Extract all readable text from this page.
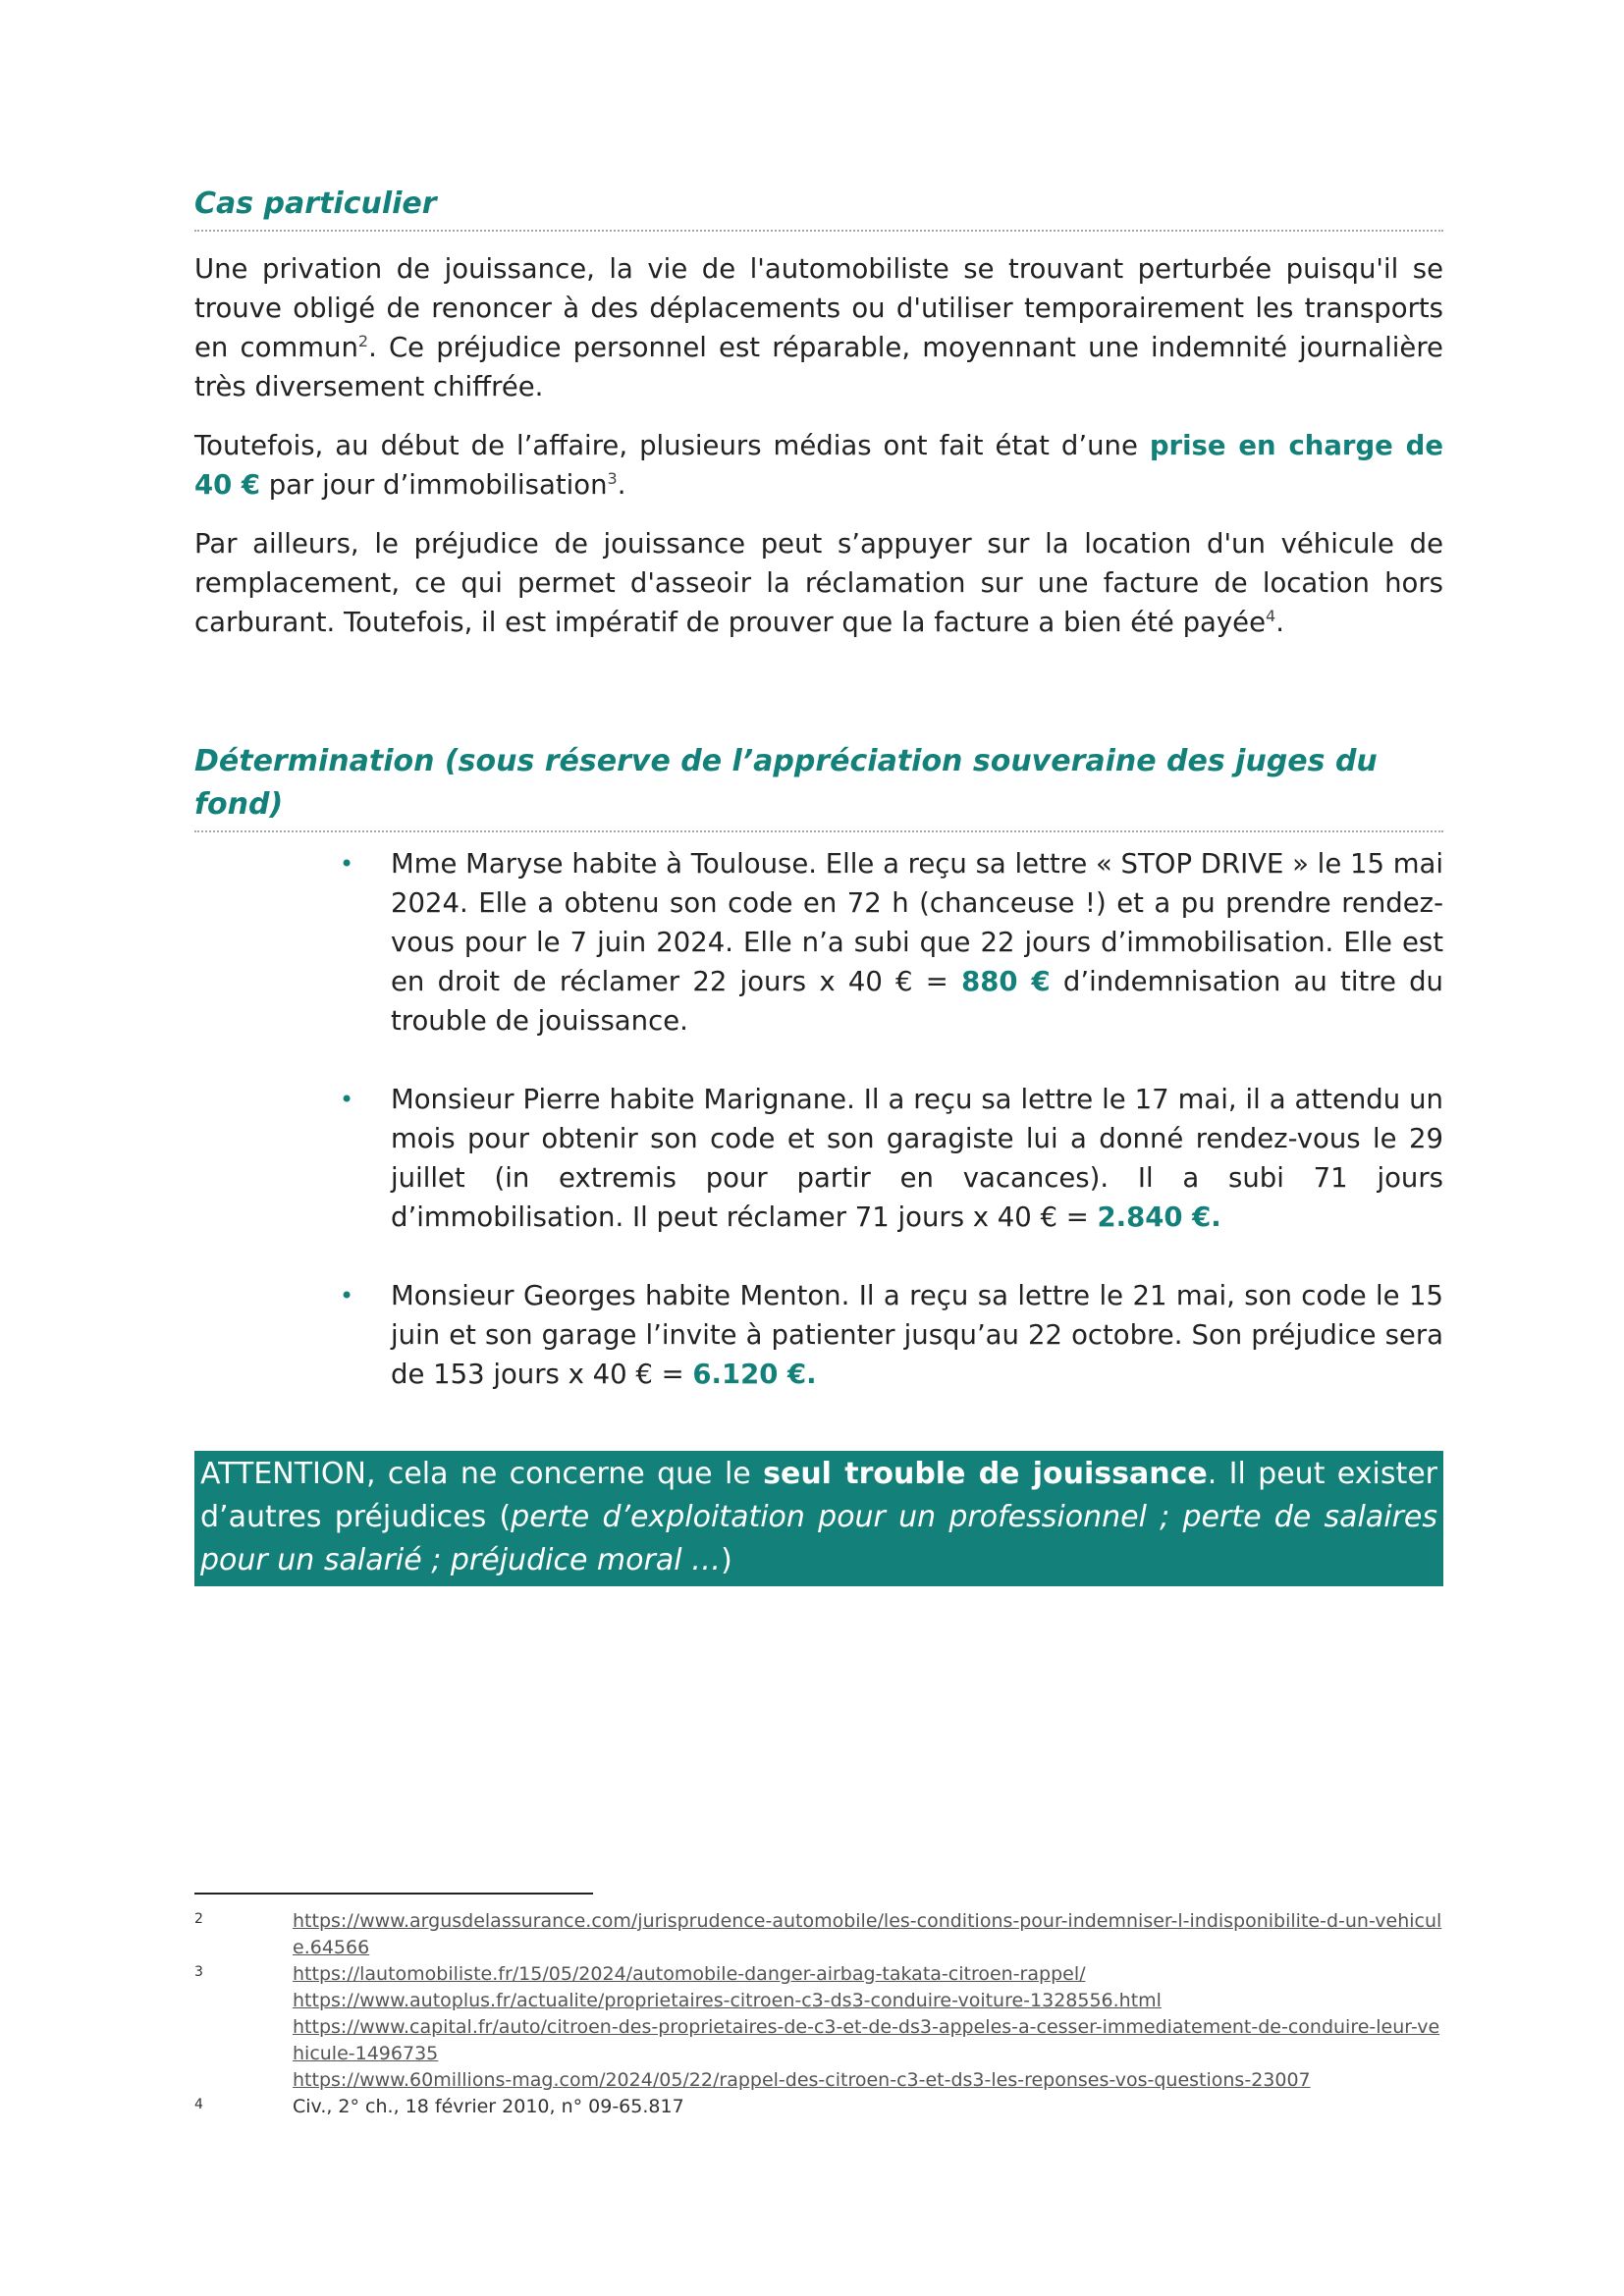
Cas particulier

Une privation de jouissance, la vie de l'automobiliste se trouvant perturbée puisqu'il se trouve obligé de renoncer à des déplacements ou d'utiliser temporairement les transports en commun$^2$. Ce préjudice personnel est réparable, moyennant une indemnité journalière très diversement chiffrée.

Toutefois, au début de l’affaire, plusieurs médias ont fait état d’une prise en charge de 40 € par jour d’immobilisation$^3$.

Par ailleurs, le préjudice de jouissance peut s’appuyer sur la location d'un véhicule de remplacement, ce qui permet d'asseoir la réclamation sur une facture de location hors carburant. Toutefois, il est impératif de prouver que la facture a bien été payée$^4$.

Détermination (sous réserve de l’appréciation souveraine des juges du fond)
• Mme Maryse habite à Toulouse. Elle a reçu sa lettre « STOP DRIVE » le 15 mai 2024. Elle a obtenu son code en 72 h (chanceuse !) et a pu prendre rendez-vous pour le 7 juin 2024. Elle n’a subi que 22 jours d’immobilisation. Elle est en droit de réclamer 22 jours x 40 € = 880 € d’indemnisation au titre du trouble de jouissance.
• Monsieur Pierre habite Marignane. Il a reçu sa lettre le 17 mai, il a attendu un mois pour obtenir son code et son garagiste lui a donné rendez-vous le 29 juillet (in extremis pour partir en vacances). Il a subi 71 jours d’immobilisation. Il peut réclamer 71 jours x 40 € = 2.840 €.
• Monsieur Georges habite Menton. Il a reçu sa lettre le 21 mai, son code le 15 juin et son garage l’invite à patienter jusqu’au 22 octobre. Son préjudice sera de 153 jours x 40 € = 6.120 €.
ATTENTION, cela ne concerne que le seul trouble de jouissance. Il peut exister d’autres préjudices (perte d’exploitation pour un professionnel ; perte de salaires pour un salarié ; préjudice moral …)
2	https://www.argusdelassurance.com/jurisprudence-automobile/les-conditions-pour-indemniser-l-indisponibilite-d-un-vehicule.64566
3	https://lautomobiliste.fr/15/05/2024/automobile-danger-airbag-takata-citroen-rappel/
https://www.autoplus.fr/actualite/proprietaires-citroen-c3-ds3-conduire-voiture-1328556.html
https://www.capital.fr/auto/citroen-des-proprietaires-de-c3-et-de-ds3-appeles-a-cesser-immediatement-de-conduire-leur-vehicule-1496735
https://www.60millions-mag.com/2024/05/22/rappel-des-citroen-c3-et-ds3-les-reponses-vos-questions-23007
4	Civ., 2° ch., 18 février 2010, n° 09-65.817
